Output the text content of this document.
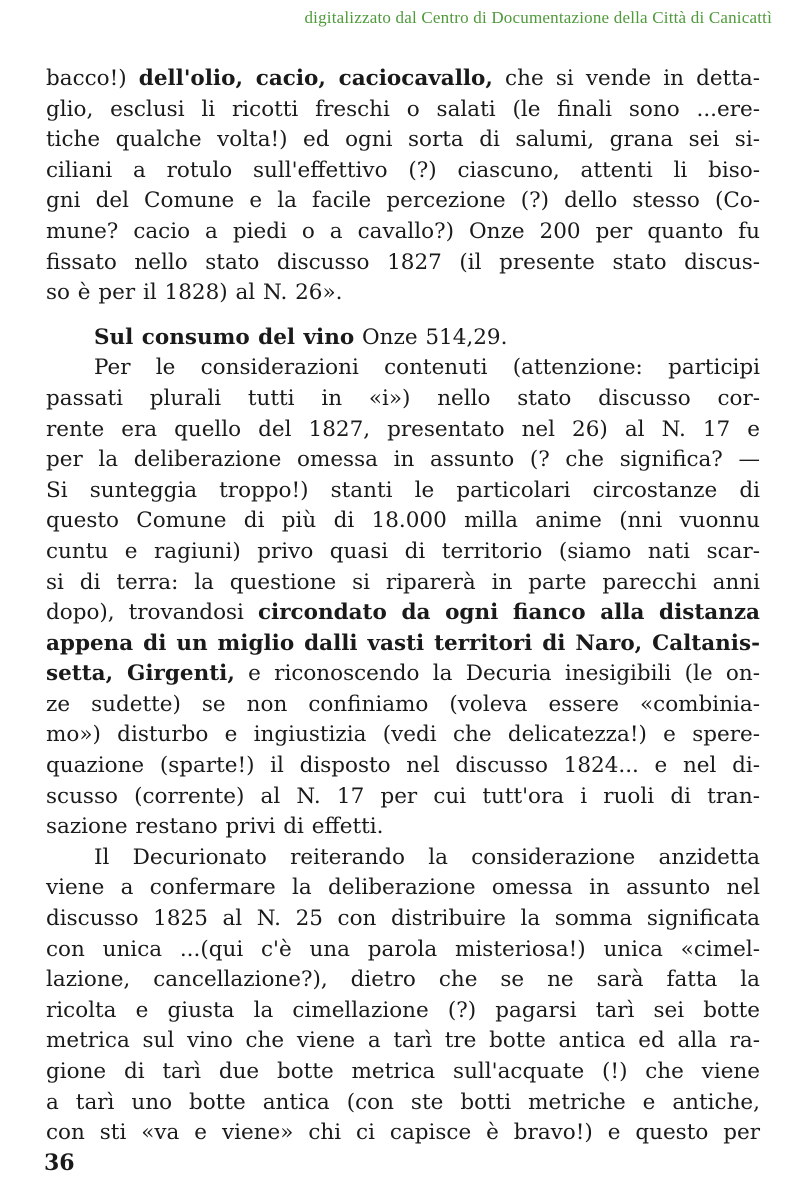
digitalizzato dal Centro di Documentazione della Città di Canicattì
bacco!) dell'olio, cacio, caciocavallo, che si vende in detta-
glio, esclusi li ricotti freschi o salati (le finali sono ...ere-
tiche qualche volta!) ed ogni sorta di salumi, grana sei si-
ciliani a rotulo sull'effettivo (?) ciascuno, attenti li biso-
gni del Comune e la facile percezione (?) dello stesso (Co-
mune? cacio a piedi o a cavallo?) Onze 200 per quanto fu
fissato nello stato discusso 1827 (il presente stato discus-
so è per il 1828) al N. 26».
Sul consumo del vino Onze 514,29.
Per le considerazioni contenuti (attenzione: participi
passati plurali tutti in «i») nello stato discusso cor-
rente era quello del 1827, presentato nel 26) al N. 17 e
per la deliberazione omessa in assunto (? che significa? —
Si sunteggia troppo!) stanti le particolari circostanze di
questo Comune di più di 18.000 milla anime (nni vuonnu
cuntu e ragiuni) privo quasi di territorio (siamo nati scar-
si di terra: la questione si riparerà in parte parecchi anni
dopo), trovandosi circondato da ogni fianco alla distanza
appena di un miglio dalli vasti territori di Naro, Caltanis-
setta, Girgenti, e riconoscendo la Decuria inesigibili (le on-
ze sudette) se non confiniamo (voleva essere «combinia-
mo») disturbo e ingiustizia (vedi che delicatezza!) e spere-
quazione (sparte!) il disposto nel discusso 1824... e nel di-
scusso (corrente) al N. 17 per cui tutt'ora i ruoli di tran-
sazione restano privi di effetti.
Il Decurionato reiterando la considerazione anzidetta
viene a confermare la deliberazione omessa in assunto nel
discusso 1825 al N. 25 con distribuire la somma significata
con unica ...(qui c'è una parola misteriosa!) unica «cimel-
lazione, cancellazione?), dietro che se ne sarà fatta la
ricolta e giusta la cimellazione (?) pagarsi tarì sei botte
metrica sul vino che viene a tarì tre botte antica ed alla ra-
gione di tarì due botte metrica sull'acquate (!) che viene
a tarì uno botte antica (con ste botti metriche e antiche,
con sti «va e viene» chi ci capisce è bravo!) e questo per
36
